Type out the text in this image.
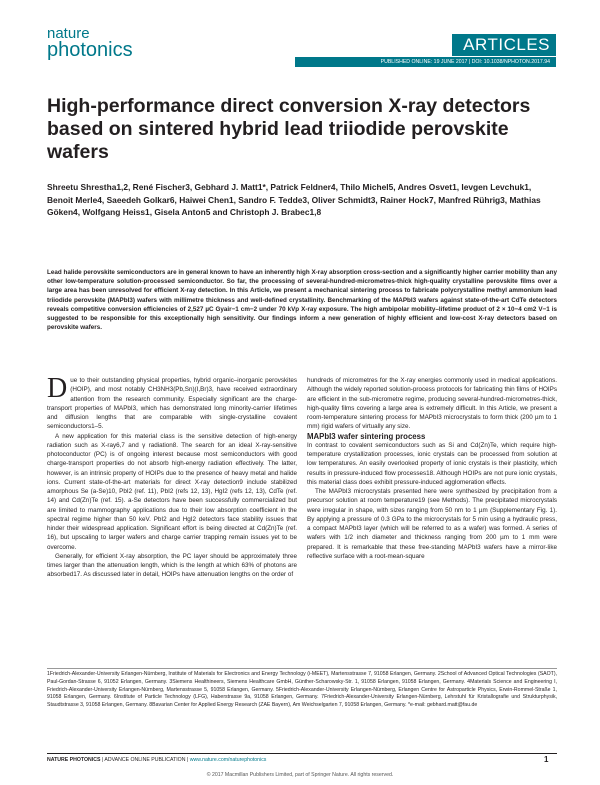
nature
photonics	ARTICLES
PUBLISHED ONLINE: 19 JUNE 2017 | DOI: 10.1038/NPHOTON.2017.94
High-performance direct conversion X-ray detectors based on sintered hybrid lead triiodide perovskite wafers
Shreetu Shrestha1,2, René Fischer3, Gebhard J. Matt1*, Patrick Feldner4, Thilo Michel5, Andres Osvet1, Ievgen Levchuk1, Benoit Merle4, Saeedeh Golkar6, Haiwei Chen1, Sandro F. Tedde3, Oliver Schmidt3, Rainer Hock7, Manfred Rührig3, Mathias Göken4, Wolfgang Heiss1, Gisela Anton5 and Christoph J. Brabec1,8
Lead halide perovskite semiconductors are in general known to have an inherently high X-ray absorption cross-section and a significantly higher carrier mobility than any other low-temperature solution-processed semiconductor. So far, the processing of several-hundred-micrometres-thick high-quality crystalline perovskite films over a large area has been unresolved for efficient X-ray detection. In this Article, we present a mechanical sintering process to fabricate polycrystalline methyl ammonium lead triiodide perovskite (MAPbI3) wafers with millimetre thickness and well-defined crystallinity. Benchmarking of the MAPbI3 wafers against state-of-the-art CdTe detectors reveals competitive conversion efficiencies of 2,527 µC Gyair−1 cm−2 under 70 kVp X-ray exposure. The high ambipolar mobility–lifetime product of 2 × 10−4 cm2 V−1 is suggested to be responsible for this exceptionally high sensitivity. Our findings inform a new generation of highly efficient and low-cost X-ray detectors based on perovskite wafers.

Due to their outstanding physical properties, hybrid organic–inorganic perovskites (HOIP), and most notably CH3NH3(Pb,Sn)(I,Br)3, have received extraordinary attention from the research community. Especially significant are the charge-transport properties of MAPbI3, which has demonstrated long minority-carrier lifetimes and diffusion lengths that are comparable with single-crystalline covalent semiconductors1–5.

A new application for this material class is the sensitive detection of high-energy radiation such as X-ray6,7 and γ radiation8. The search for an ideal X-ray-sensitive photoconductor (PC) is of ongoing interest because most semiconductors with good charge-transport properties do not absorb high-energy radiation effectively. The latter, however, is an intrinsic property of HOIPs due to the presence of heavy metal and halide ions. Current state-of-the-art materials for direct X-ray detection9 include stabilized amorphous Se (a-Se)10, PbI2 (ref. 11), PbI2 (refs 12, 13), HgI2 (refs 12, 13), CdTe (ref. 14) and Cd(Zn)Te (ref. 15). a-Se detectors have been successfully commercialized but are limited to mammography applications due to their low absorption coefficient in the spectral regime higher than 50 keV. PbI2 and HgI2 detectors face stability issues that hinder their widespread application. Significant effort is being directed at Cd(Zn)Te (ref. 16), but upscaling to larger wafers and charge carrier trapping remain issues yet to be overcome.

Generally, for efficient X-ray absorption, the PC layer should be approximately three times larger than the attenuation length, which is the length at which 63% of photons are absorbed17. As discussed later in detail, HOIPs have attenuation lengths on the order of

hundreds of micrometres for the X-ray energies commonly used in medical applications. Although the widely reported solution-process protocols for fabricating thin films of HOIPs are efficient in the sub-micrometre regime, producing several-hundred-micrometres-thick, high-quality films covering a large area is extremely difficult. In this Article, we present a room-temperature sintering process for MAPbI3 microcrystals to form thick (200 µm to 1 mm) rigid wafers of virtually any size.

MAPbI3 wafer sintering process

In contrast to covalent semiconductors such as Si and Cd(Zn)Te, which require high-temperature crystallization processes, ionic crystals can be processed from solution at low temperatures. An easily overlooked property of ionic crystals is their plasticity, which results in pressure-induced flow processes18. Although HOIPs are not pure ionic crystals, this material class does exhibit pressure-induced agglomeration effects.

The MAPbI3 microcrystals presented here were synthesized by precipitation from a precursor solution at room temperature19 (see Methods). The precipitated microcrystals were irregular in shape, with sizes ranging from 50 nm to 1 µm (Supplementary Fig. 1). By applying a pressure of 0.3 GPa to the microcrystals for 5 min using a hydraulic press, a compact MAPbI3 layer (which will be referred to as a wafer) was formed. A series of wafers with 1/2 inch diameter and thickness ranging from 200 µm to 1 mm were prepared. It is remarkable that these free-standing MAPbI3 wafers have a mirror-like reflective surface with a root-mean-square

1Friedrich-Alexander-University Erlangen-Nürnberg, Institute of Materials for Electronics and Energy Technology (i-MEET), Martensstrasse 7, 91058 Erlangen, Germany. 2School of Advanced Optical Technologies (SAOT), Paul-Gordan-Strasse 6, 91052 Erlangen, Germany. 3Siemens Healthineers, Siemens Healthcare GmbH, Günther-Scharowsky-Str. 1, 91058 Erlangen, 91058 Erlangen, Germany. 4Materials Science and Engineering I, Friedrich-Alexander-University Erlangen-Nürnberg, Martensstrasse 5, 91058 Erlangen, Germany. 5Friedrich-Alexander-University Erlangen-Nürnberg, Erlangen Centre for Astroparticle Physics, Erwin-Rommel-Straße 1, 91058 Erlangen, Germany. 6Institute of Particle Technology (LFG), Haberstrasse 9a, 91058 Erlangen, Germany. 7Friedrich-Alexander-University Erlangen-Nürnberg, Lehrstuhl für Kristallografie und Strukturphysik, Staudtstrasse 3, 91058 Erlangen, Germany. 8Bavarian Center for Applied Energy Research (ZAE Bayern), Am Weichselgarten 7, 91058 Erlangen, Germany. *e-mail: gebhard.matt@fau.de
NATURE PHOTONICS | ADVANCE ONLINE PUBLICATION | www.nature.com/naturephotonics	1
© 2017 Macmillan Publishers Limited, part of Springer Nature. All rights reserved.
